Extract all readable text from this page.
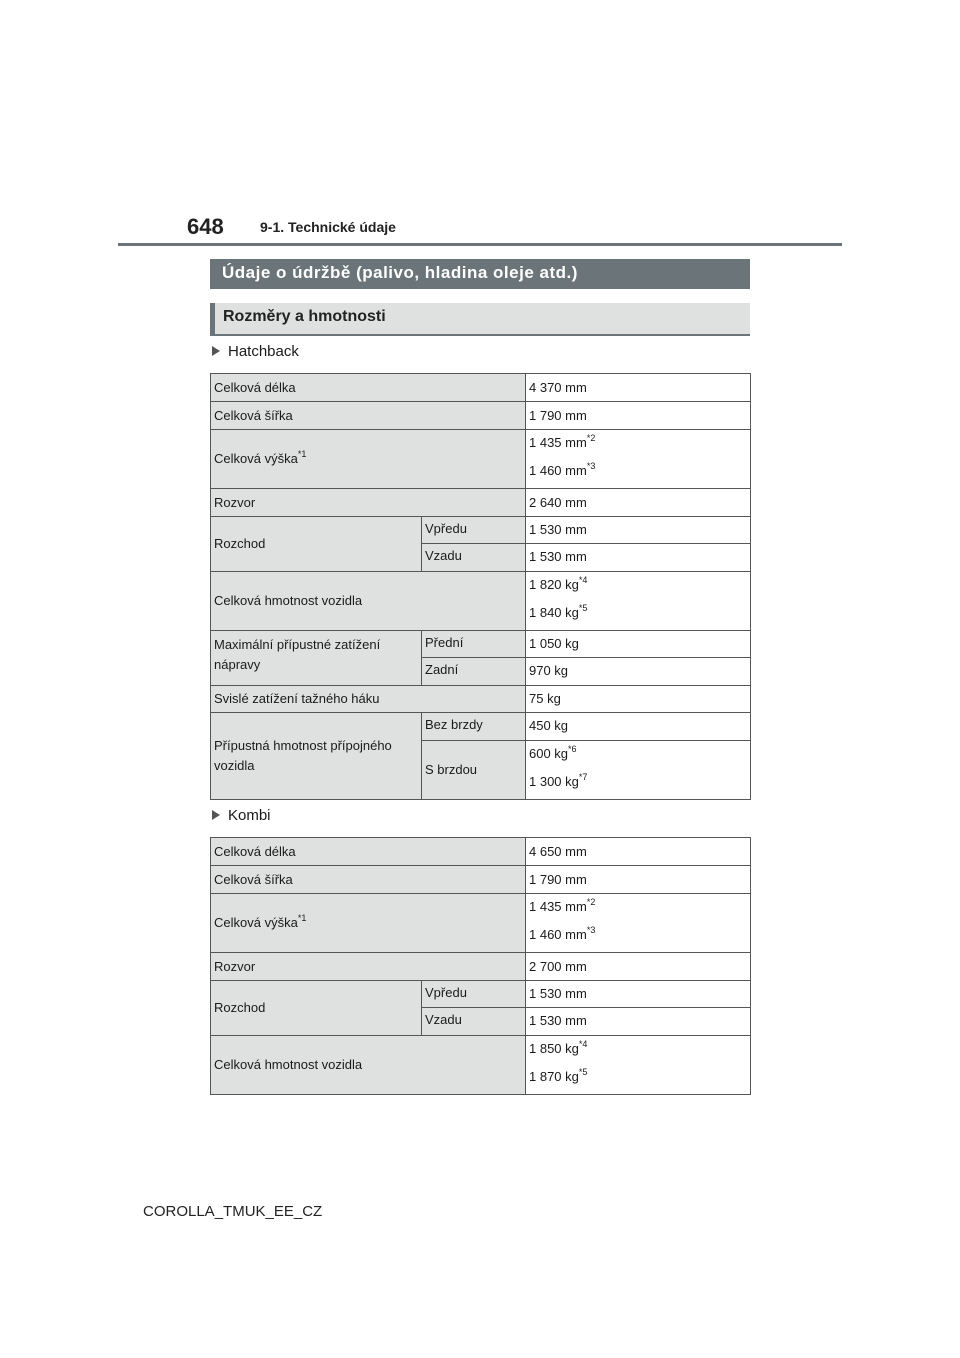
648	9-1. Technické údaje
Údaje o údržbě (palivo, hladina oleje atd.)
Rozměry a hmotnosti
Hatchback
Celková délka		4 370 mm
Celková šířka		1 790 mm
Celková výška$^{*1}$		1 435 $mm^{*2}$
1 460 $mm^{*3}$

Rozvor		2 640 mm
Rozchod	Vpředu	1 530 mm
	Vzadu	1 530 mm
Celková hmotnost vozidla		1 820 $kg^{*4}$
1 840 $kg^{*5}$

Maximální přípustné zatížení nápravy	Přední	1 050 kg
	Zadní	970 kg
Svislé zatížení tažného háku		75 kg
Přípustná hmotnost přípojného vozidla	Bez brzdy	450 kg
	S brzdou	600 $kg^{*6}$
1 300 $kg^{*7}$
Kombi
Celková délka		4 650 mm
Celková šířka		1 790 mm
Celková výška$^{*1}$		1 435 $mm^{*2}$
1 460 $mm^{*3}$

Rozvor		2 700 mm
Rozchod	Vpředu	1 530 mm
	Vzadu	1 530 mm
Celková hmotnost vozidla		1 850 $kg^{*4}$
1 870 $kg^{*5}$
COROLLA_TMUK_EE_CZ
